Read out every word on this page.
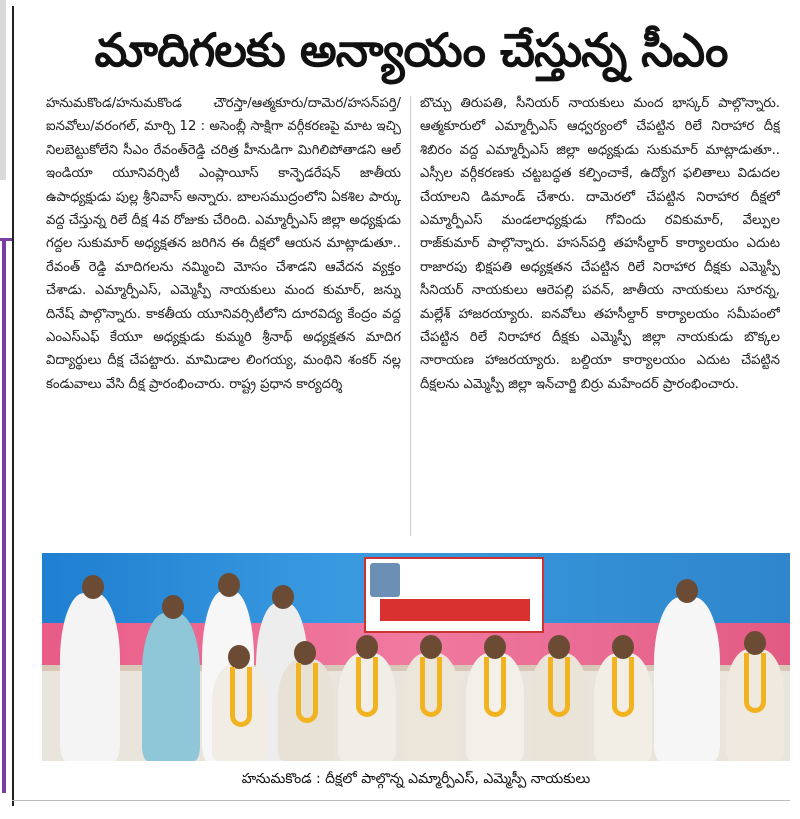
మాదిగలకు అన్యాయం చేస్తున్న సీఎం
హనుమకొండ/హనుమకొండ చౌరస్తా/ఆత్మకూరు/దామెర/హసన్‌పర్తి/ఐనవోలు/వరంగల్, మార్చి 12 : అసెంబ్లీ సాక్షిగా వర్గీకరణపై మాట ఇచ్చి నిలబెట్టుకోలేని సీఎం రేవంత్‌రెడ్డి చరిత్ర హీనుడిగా మిగిలిపోతాడని ఆల్ ఇండియా యూనివర్సిటీ ఎంప్లాయీస్ కాన్ఫెడరేషన్ జాతీయ ఉపాధ్యక్షుడు పుల్ల శ్రీనివాస్ అన్నారు. బాలసముద్రంలోని ఏకశిల పార్కు వద్ద చేస్తున్న రిలే దీక్ష 4వ రోజుకు చేరింది. ఎమ్మార్పీఎస్ జిల్లా అధ్యక్షుడు గద్దల సుకుమార్ అధ్యక్షతన జరిగిన ఈ దీక్షలో ఆయన మాట్లాడుతూ.. రేవంత్ రెడ్డి మాదిగలను నమ్మించి మోసం చేశాడని ఆవేదన వ్యక్తం చేశాడు. ఎమ్మార్పీఎస్, ఎమ్మెస్పీ నాయకులు మంద కుమార్, జన్ను దినేష్ పాల్గొన్నారు. కాకతీయ యూనివర్సిటీలోని దూరవిద్య కేంద్రం వద్ద ఎంఎస్ఎఫ్ కేయూ అధ్యక్షుడు కుమ్మరి శ్రీనాథ్ అధ్యక్షతన మాదిగ విద్యార్థులు దీక్ష చేపట్టారు. మామిడాల లింగయ్య, మంథిని శంకర్ నల్ల కండువాలు వేసి దీక్ష ప్రారంభించారు. రాష్ట్ర ప్రధాన కార్యదర్శి
బొచ్చు తిరుపతి, సీనియర్ నాయకులు మంద భాస్కర్ పాల్గొన్నారు. ఆత్మకూరులో ఎమ్మార్పీఎస్ ఆధ్వర్యంలో చేపట్టిన రిలే నిరాహార దీక్ష శిబిరం వద్ద ఎమ్మార్పీఎస్ జిల్లా అధ్యక్షుడు సుకుమార్ మాట్లాడుతూ.. ఎస్సీల వర్గీకరణకు చట్టబద్ధత కల్పించాకే, ఉద్యోగ ఫలితాలు విడుదల చేయాలని డిమాండ్ చేశారు. దామెరలో చేపట్టిన నిరాహార దీక్షలో ఎమ్మార్పీఎస్ మండలాధ్యక్షుడు గోవిందు రవికుమార్, వేల్పుల రాజ్‌కుమార్ పాల్గొన్నారు. హసన్‌పర్తి తహసీల్దార్ కార్యాలయం ఎదుట రాజారపు భిక్షపతి అధ్యక్షతన చేపట్టిన రిలే నిరాహార దీక్షకు ఎమ్మెస్పీ సీనియర్ నాయకులు ఆరెపల్లి పవన్, జాతీయ నాయకులు సూరన్న, మల్లేశ్ హాజరయ్యారు. ఐనవోలు తహసీల్దార్ కార్యాలయం సమీపంలో చేపట్టిన రిలే నిరాహార దీక్షకు ఎమ్మెస్పీ జిల్లా నాయకుడు బొక్కల నారాయణ హాజరయ్యారు. బల్దియా కార్యాలయం ఎదుట చేపట్టిన దీక్షలను ఎమ్మెస్పీ జిల్లా ఇన్‌చార్జి బిర్రు మహేందర్ ప్రారంభించారు.
హనుమకొండ : దీక్షలో పాల్గొన్న ఎమ్మార్పీఎస్, ఎమ్మెస్పీ నాయకులు
